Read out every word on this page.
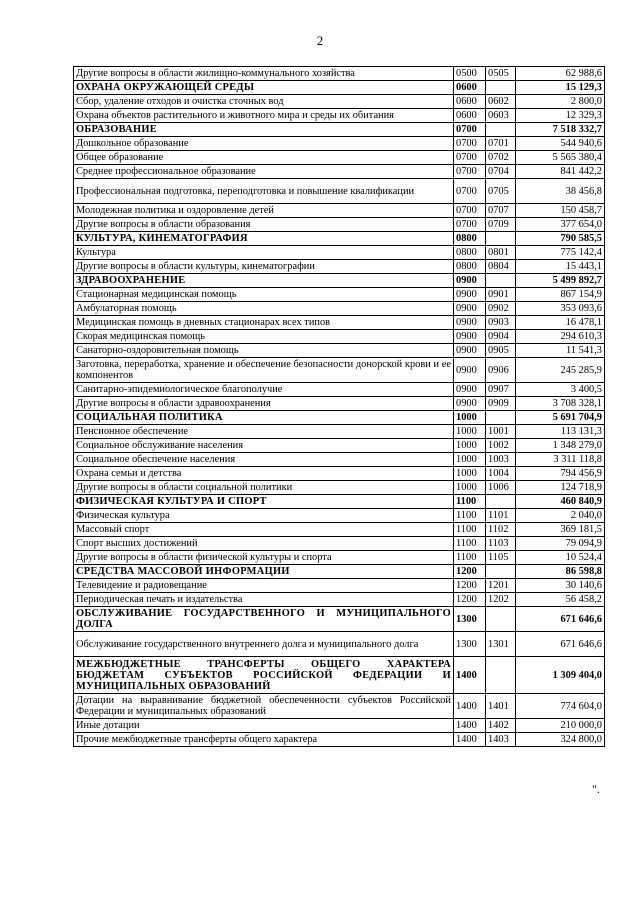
2
Другие вопросы в области жилищно-коммунального хозяйства	0500	0505	62 988,6
ОХРАНА ОКРУЖАЮЩЕЙ СРЕДЫ	0600		15 129,3
Сбор, удаление отходов и очистка сточных вод	0600	0602	2 800,0
Охрана объектов растительного и животного мира и среды их обитания	0600	0603	12 329,3
ОБРАЗОВАНИЕ	0700		7 518 332,7
Дошкольное образование	0700	0701	544 940,6
Общее образование	0700	0702	5 565 380,4
Среднее профессиональное образование	0700	0704	841 442,2
Профессиональная подготовка, переподготовка и повышение квалификации	0700	0705	38 456,8
Молодежная политика и оздоровление детей	0700	0707	150 458,7
Другие вопросы в области образования	0700	0709	377 654,0
КУЛЬТУРА, КИНЕМАТОГРАФИЯ	0800		790 585,5
Культура	0800	0801	775 142,4
Другие вопросы в области культуры, кинематографии	0800	0804	15 443,1
ЗДРАВООХРАНЕНИЕ	0900		5 499 892,7
Стационарная медицинская помощь	0900	0901	867 154,9
Амбулаторная помощь	0900	0902	353 093,6
Медицинская помощь в дневных стационарах всех типов	0900	0903	16 478,1
Скорая медицинская помощь	0900	0904	294 610,3
Санаторно-оздоровительная помощь	0900	0905	11 541,3
Заготовка, переработка, хранение и обеспечение безопасности донорской крови и ее компонентов	0900	0906	245 285,9
Санитарно-эпидемиологическое благополучие	0900	0907	3 400,5
Другие вопросы в области здравоохранения	0900	0909	3 708 328,1
СОЦИАЛЬНАЯ ПОЛИТИКА	1000		5 691 704,9
Пенсионное обеспечение	1000	1001	113 131,3
Социальное обслуживание населения	1000	1002	1 348 279,0
Социальное обеспечение населения	1000	1003	3 311 118,8
Охрана семьи и детства	1000	1004	794 456,9
Другие вопросы в области социальной политики	1000	1006	124 718,9
ФИЗИЧЕСКАЯ КУЛЬТУРА И СПОРТ	1100		460 840,9
Физическая культура	1100	1101	2 040,0
Массовый спорт	1100	1102	369 181,5
Спорт высших достижений	1100	1103	79 094,9
Другие вопросы в области физической культуры и спорта	1100	1105	10 524,4
СРЕДСТВА МАССОВОЙ ИНФОРМАЦИИ	1200		86 598,8
Телевидение и радиовещание	1200	1201	30 140,6
Периодическая печать и издательства	1200	1202	56 458,2
ОБСЛУЖИВАНИЕ ГОСУДАРСТВЕННОГО И МУНИЦИПАЛЬНОГО ДОЛГА	1300		671 646,6
Обслуживание государственного внутреннего долга и муниципального долга	1300	1301	671 646,6
МЕЖБЮДЖЕТНЫЕ ТРАНСФЕРТЫ ОБЩЕГО ХАРАКТЕРА БЮДЖЕТАМ СУБЪЕКТОВ РОССИЙСКОЙ ФЕДЕРАЦИИ И МУНИЦИПАЛЬНЫХ ОБРАЗОВАНИЙ	1400		1 309 404,0
Дотации на выравнивание бюджетной обеспеченности субъектов Российской Федерации и муниципальных образований	1400	1401	774 604,0
Иные дотации	1400	1402	210 000,0
Прочие межбюджетные трансферты общего характера	1400	1403	324 800,0
".
